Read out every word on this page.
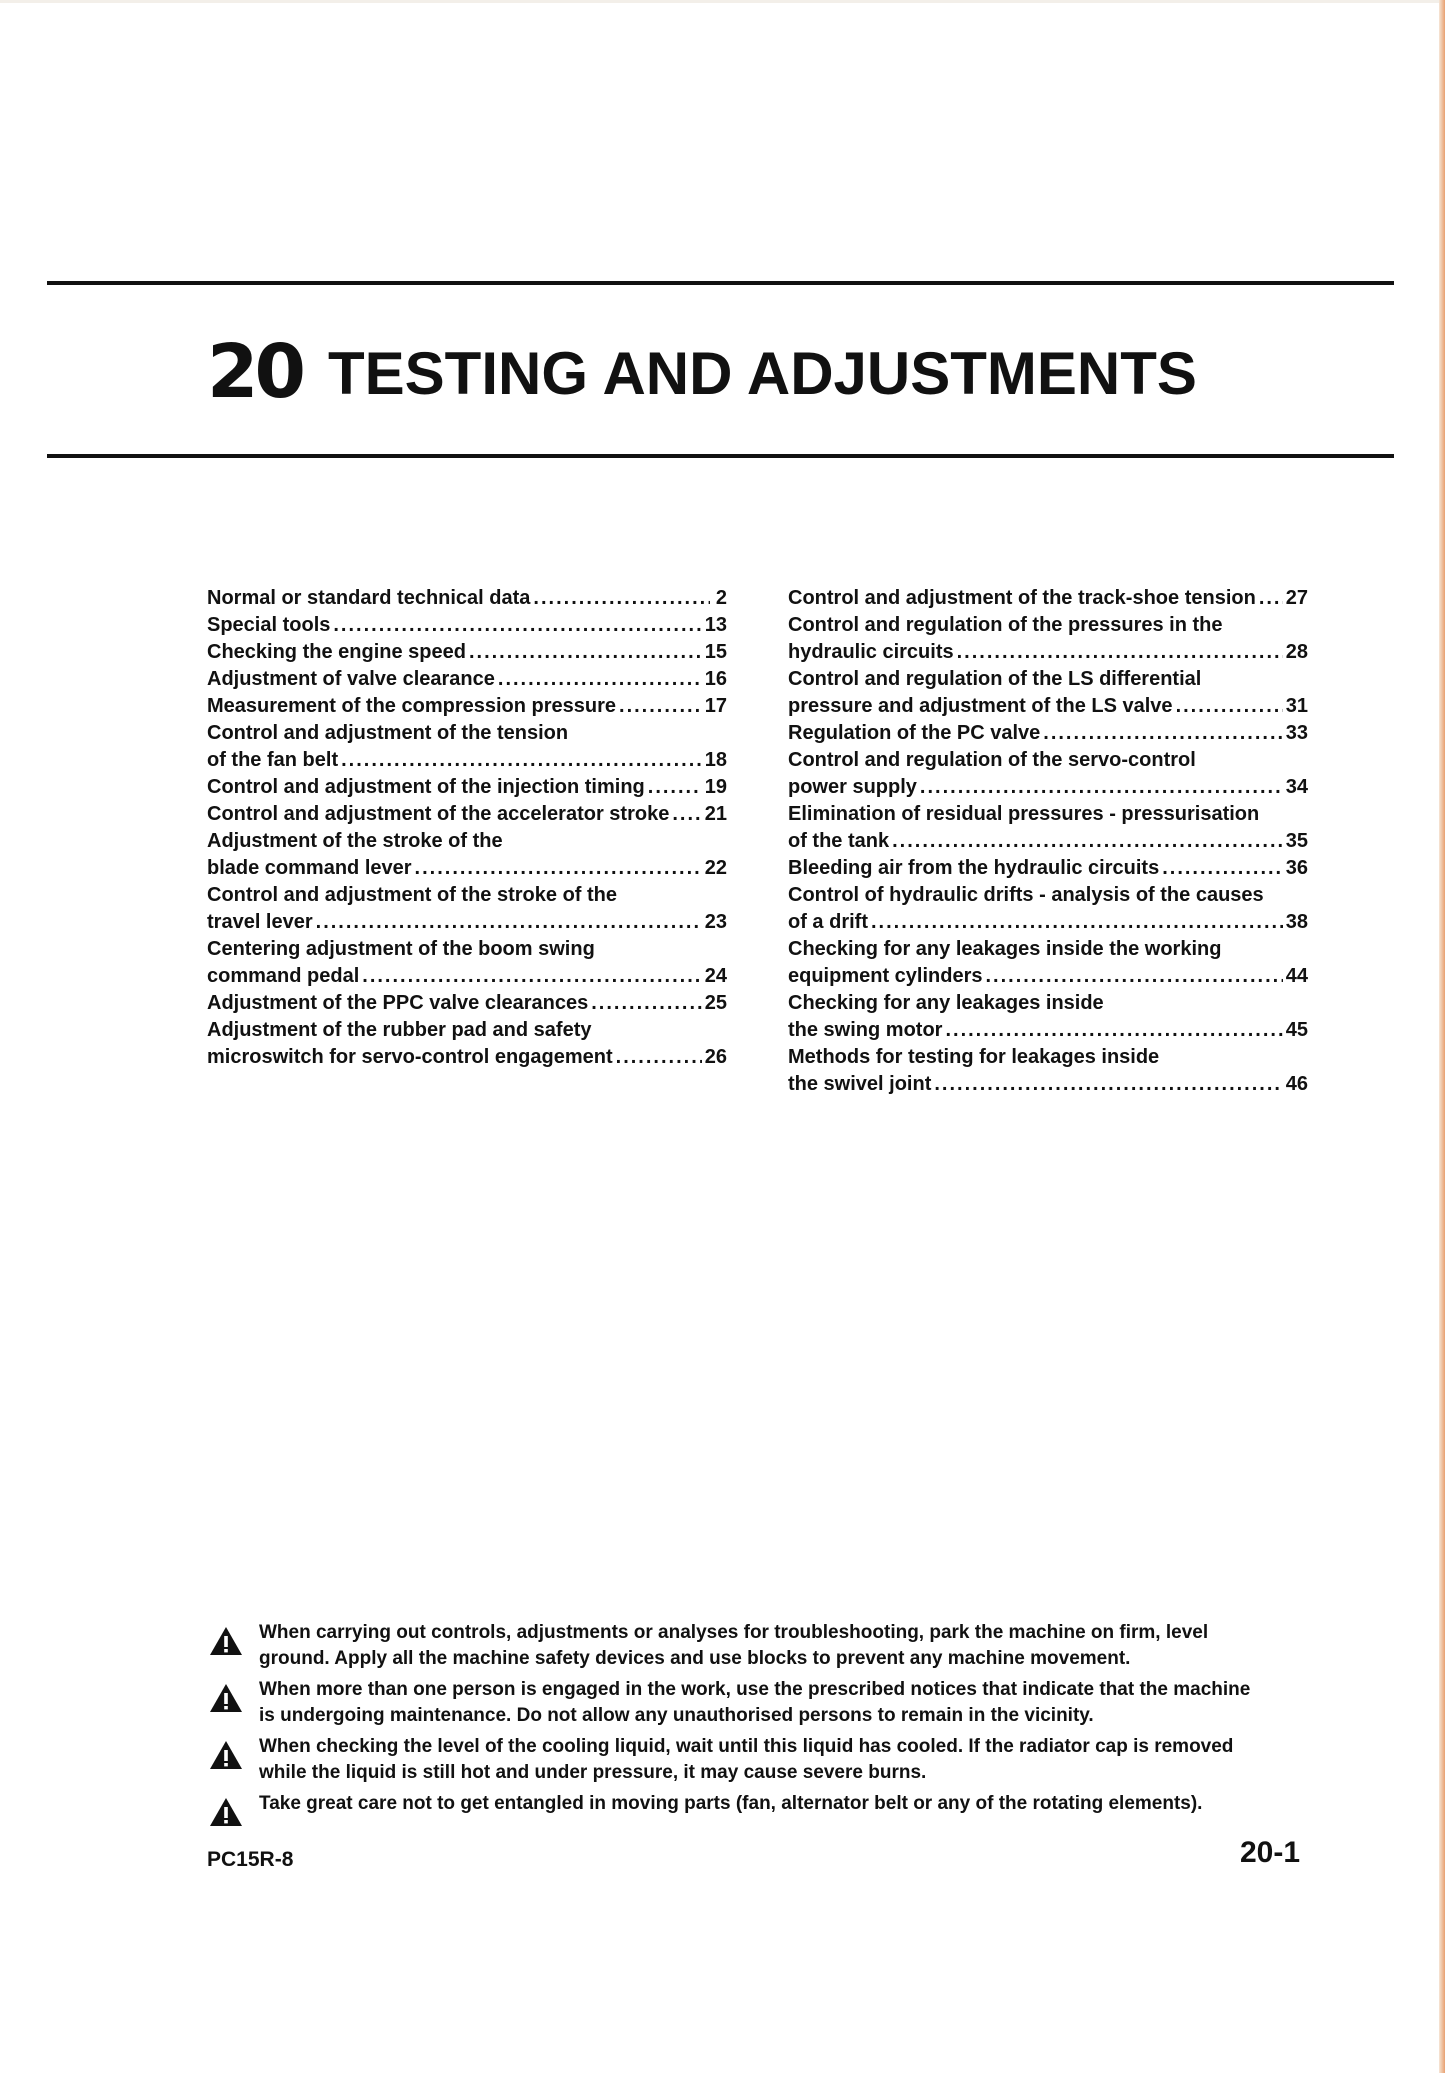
20 TESTING AND ADJUSTMENTS
Normal or standard technical data .....	2
Special tools .....	13
Checking the engine speed .....	15
Adjustment of valve clearance .....	16
Measurement of the compression pressure .....	17
Control and adjustment of the tension
of the fan belt .....	18
Control and adjustment of the injection timing .....	19
Control and adjustment of the accelerator stroke ..... 21
Adjustment of the stroke of the
blade command lever .....	22
Control and adjustment of the stroke of the
travel lever .....	23
Centering adjustment of the boom swing
command pedal .....	24
Adjustment of the PPC valve clearances .....	25
Adjustment of the rubber pad and safety
microswitch for servo-control engagement .....	26
Control and adjustment of the track-shoe tension ..... 27
Control and regulation of the pressures in the
hydraulic circuits .....	28
Control and regulation of the LS differential
pressure and adjustment of the LS valve .....	31
Regulation of the PC valve .....	33
Control and regulation of the servo-control
power supply .....	34
Elimination of residual pressures - pressurisation
of the tank .....	35
Bleeding air from the hydraulic circuits .....	36
Control of hydraulic drifts - analysis of the causes
of a drift .....	38
Checking for any leakages inside the working
equipment cylinders .....	44
Checking for any leakages inside
the swing motor .....	45
Methods for testing for leakages inside
the swivel joint .....	46
When carrying out controls, adjustments or analyses for troubleshooting, park the machine on firm, level
ground. Apply all the machine safety devices and use blocks to prevent any machine movement.
When more than one person is engaged in the work, use the prescribed notices that indicate that the machine
is undergoing maintenance. Do not allow any unauthorised persons to remain in the vicinity.
When checking the level of the cooling liquid, wait until this liquid has cooled. If the radiator cap is removed
while the liquid is still hot and under pressure, it may cause severe burns.
Take great care not to get entangled in moving parts (fan, alternator belt or any of the rotating elements).
PC15R-8	20-1
